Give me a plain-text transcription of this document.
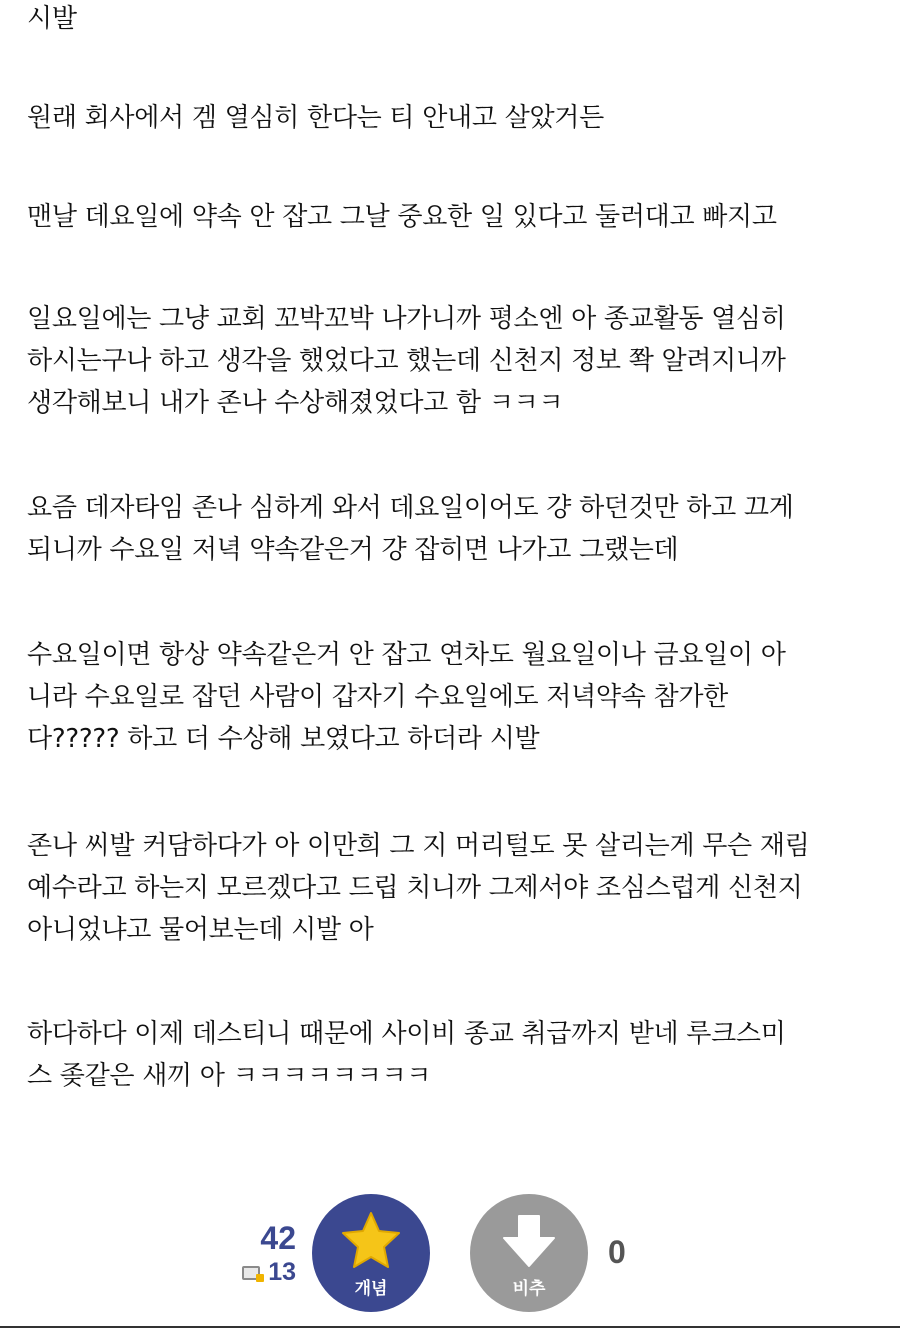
시발

원래 회사에서 겜 열심히 한다는 티 안내고 살았거든

맨날 데요일에 약속 안 잡고 그날 중요한 일 있다고 둘러대고 빠지고

일요일에는 그냥 교회 꼬박꼬박 나가니까 평소엔 아 종교활동 열심히
하시는구나 하고 생각을 했었다고 했는데 신천지 정보 쫙 알려지니까
생각해보니 내가 존나 수상해졌었다고 함 ㅋㅋㅋ

요즘 데자타임 존나 심하게 와서 데요일이어도 걍 하던것만 하고 끄게
되니까 수요일 저녁 약속같은거 걍 잡히면 나가고 그랬는데

수요일이면 항상 약속같은거 안 잡고 연차도 월요일이나 금요일이 아
니라 수요일로 잡던 사람이 갑자기 수요일에도 저녁약속 참가한
다????? 하고 더 수상해 보였다고 하더라 시발

존나 씨발 커담하다가 아 이만희 그 지 머리털도 못 살리는게 무슨 재림
예수라고 하는지 모르겠다고 드립 치니까 그제서야 조심스럽게 신천지
아니었냐고 물어보는데 시발 아

하다하다 이제 데스티니 때문에 사이비 종교 취급까지 받네 루크스미
스 좆같은 새끼 아 ㅋㅋㅋㅋㅋㅋㅋㅋ

42
13
개념	비추
0
